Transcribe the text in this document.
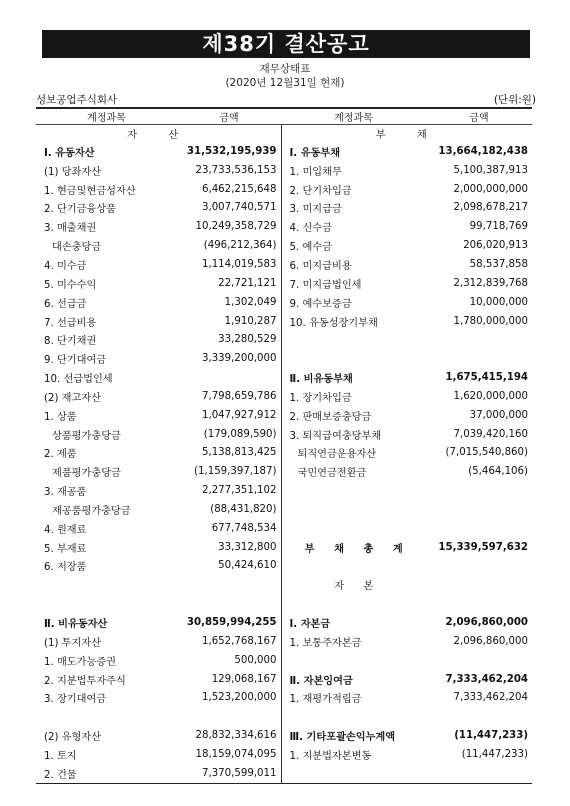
제38기 결산공고
재무상태표
(2020년 12월31일 현재)
성보공업주식회사	(단위:원)
계정과목	금액	계정과목	금액
자 산		부 채	
Ⅰ. 유동자산	31,532,195,939	Ⅰ. 유동부채	13,664,182,438
(1) 당좌자산	23,733,536,153	1. 미입채무	5,100,387,913
1. 현금및현금성자산	6,462,215,648	2. 단기차입금	2,000,000,000
2. 단기금융상품	3,007,740,571	3. 미지급금	2,098,678,217
3. 매출채권	10,249,358,729	4. 신수금	99,718,769
대손충당금	(496,212,364)	5. 예수금	206,020,913
4. 미수금	1,114,019,583	6. 미지급비용	58,537,858
5. 미수수익	22,721,121	7. 미지급법인세	2,312,839,768
6. 선급금	1,302,049	9. 예수보증금	10,000,000
7. 선급비용	1,910,287	10. 유동성장기부채	1,780,000,000
8. 단기채권	33,280,529		
9. 단기대여금	3,339,200,000		
10. 선급법인세		Ⅱ. 비유동부채	1,675,415,194
(2) 재고자산	7,798,659,786	1. 장기차입금	1,620,000,000
1. 상품	1,047,927,912	2. 판매보증충당금	37,000,000
상품평가충당금	(179,089,590)	3. 퇴직급여충당부채	7,039,420,160
2. 제품	5,138,813,425	퇴직연금운용자산	(7,015,540,860)
제품평가충당금	(1,159,397,187)	국민연금전환금	(5,464,106)
3. 재공품	2,277,351,102		
재공품평가충당금	(88,431,820)		
4. 원재료	677,748,534		
5. 부재료	33,312,800	부 채 총 계	15,339,597,632
6. 저장품	50,424,610		
		자 본	

Ⅱ. 비유동자산	30,859,994,255	Ⅰ. 자본금	2,096,860,000
(1) 투지자산	1,652,768,167	1. 보통주자본금	2,096,860,000
1. 매도가능증권	500,000		
2. 지분법투자주식	129,068,167	Ⅱ. 자본잉여금	7,333,462,204
3. 장기대여금	1,523,200,000	1. 재평가적립금	7,333,462,204

(2) 유형자산	28,832,334,616	Ⅲ. 기타포괄손익누계액	(11,447,233)
1. 토지	18,159,074,095	1. 지분법자본변동	(11,447,233)
2. 건물	7,370,599,011		
